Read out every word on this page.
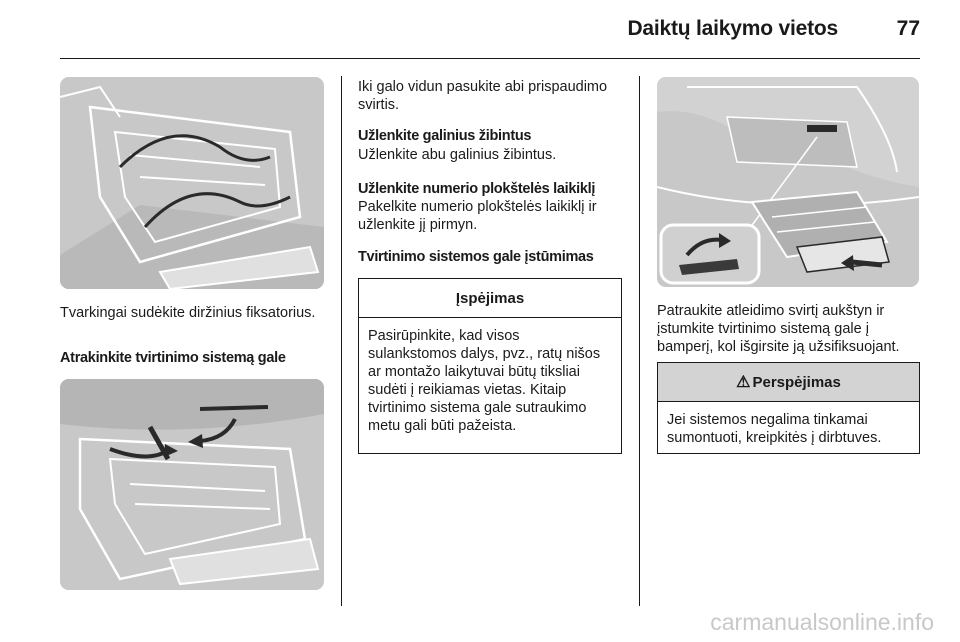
Daiktų laikymo vietos	77
Tvarkingai sudėkite diržinius fiksatorius.
Atrakinkite tvirtinimo sistemą gale
Iki galo vidun pasukite abi prispaudimo svirtis.
Užlenkite galinius žibintus
Užlenkite abu galinius žibintus.
Užlenkite numerio plokštelės laikiklį
Pakelkite numerio plokštelės laikiklį ir užlenkite jį pirmyn.
Tvirtinimo sistemos gale įstūmimas
Įspėjimas
Pasirūpinkite, kad visos sulankstomos dalys, pvz., ratų nišos ar montažo laikytuvai būtų tiksliai sudėti į reikiamas vietas. Kitaip tvirtinimo sistema gale sutraukimo metu gali būti pažeista.
Patraukite atleidimo svirtį aukštyn ir įstumkite tvirtinimo sistemą gale į bamperį, kol išgirsite ją užsifiksuojant.
⚠ Perspėjimas
Jei sistemos negalima tinkamai sumontuoti, kreipkitės į dirbtuves.
carmanualsonline.info
